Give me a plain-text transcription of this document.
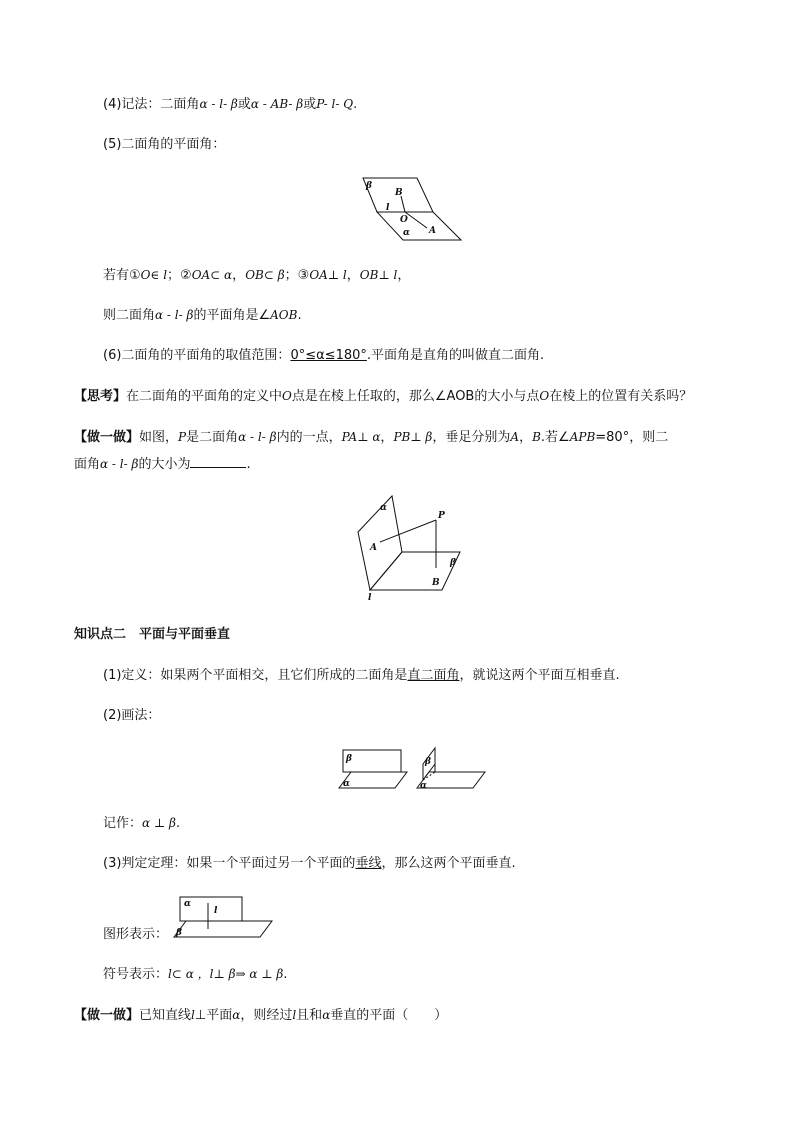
(4)记法：二面角α - l- β或α - AB- β或P- l- Q.
(5)二面角的平面角：
β
B
l
O
α A
若有①O∈ l；②OA⊂ α，OB⊂ β；③OA⊥ l，OB⊥ l，
则二面角α - l- β的平面角是∠AOB.
(6)二面角的平面角的取值范围：0°≤α≤180°.平面角是直角的叫做直二面角.
【思考】在二面角的平面角的定义中O点是在棱上任取的，那么∠AOB的大小与点O在棱上的位置有关系吗？
【做一做】如图，P是二面角α - l- β内的一点，PA⊥ α，PB⊥ β，垂足分别为A，B.若∠APB=80°，则二
面角α - l- β的大小为	.
α
P
A
β
B
l
知识点二　平面与平面垂直
(1)定义：如果两个平面相交，且它们所成的二面角是直二面角，就说这两个平面互相垂直.
(2)画法：
β
α
β
α
记作：α ⊥ β.
(3)判定定理：如果一个平面过另一个平面的垂线，那么这两个平面垂直.
图形表示：
α
l
β
符号表示：l⊂ α ，l⊥ β⇒ α ⊥ β.
【做一做】已知直线l⊥平面α，则经过l且和α垂直的平面（　　）
